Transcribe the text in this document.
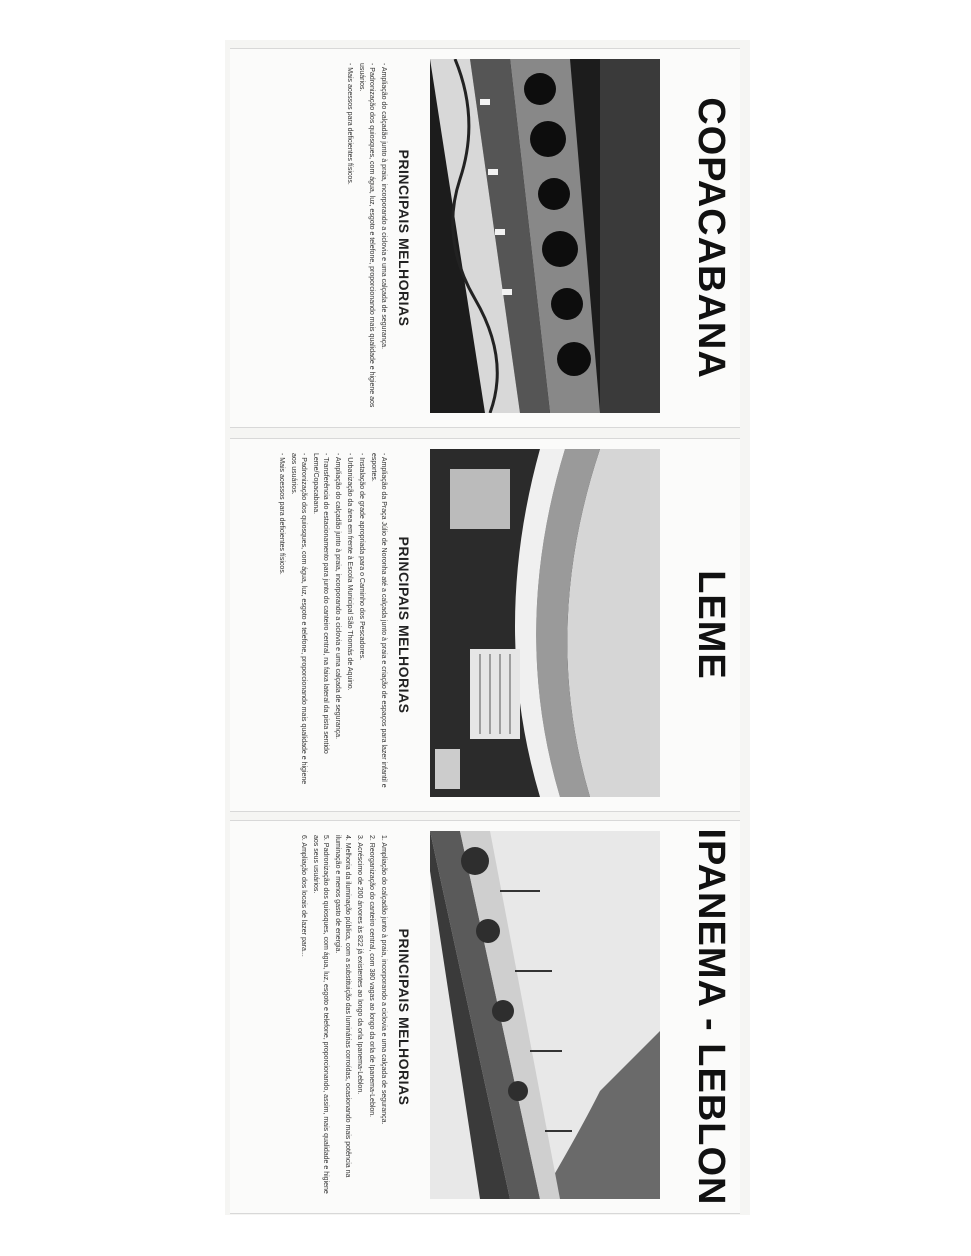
COPACABANA
PRINCIPAIS MELHORIAS
- Ampliação do calçadão junto à praia, incorporando a ciclovia e uma calçada de segurança.
- Padronização dos quiosques, com água, luz, esgoto e telefone, proporcionando mais qualidade e higiene aos usuários.
- Mais acessos para deficientes físicos.
LEME
PRINCIPAIS MELHORIAS
- Ampliação da Praça Júlio de Noronha até a calçada junto à praia e criação de espaços para lazer infantil e esportes.
- Instalação de grade apropriada para o Caminho dos Pescadores.
- Urbanização da área em frente à Escola Municipal São Thomás de Aquino.
- Ampliação do calçadão junto à praia, incorporando a ciclovia e uma calçada de segurança.
- Transferência do estacionamento para junto do canteiro central, na faixa lateral da pista sentido Leme/Copacabana.
- Padronização dos quiosques, com água, luz, esgoto e telefone, proporcionando mais qualidade e higiene aos usuários.
- Mais acessos para deficientes físicos.
IPANEMA - LEBLON
PRINCIPAIS MELHORIAS
1. Ampliação do calçadão junto à praia, incorporando a ciclovia e uma calçada de segurança.
2. Reorganização do canteiro central, com 380 vagas ao longo da orla de Ipanema-Leblon.
3. Acréscimo de 200 árvores às 822 já existentes ao longo da orla Ipanema-Leblon.
4. Melhoria da iluminação pública, com a substituição das luminárias corroídas, ocasionando mais potência na iluminação e menos gasto de energia.
5. Padronização dos quiosques, com água, luz, esgoto e telefone, proporcionando, assim, mais qualidade e higiene aos seus usuários.
6. Ampliação dos locais de lazer para...
